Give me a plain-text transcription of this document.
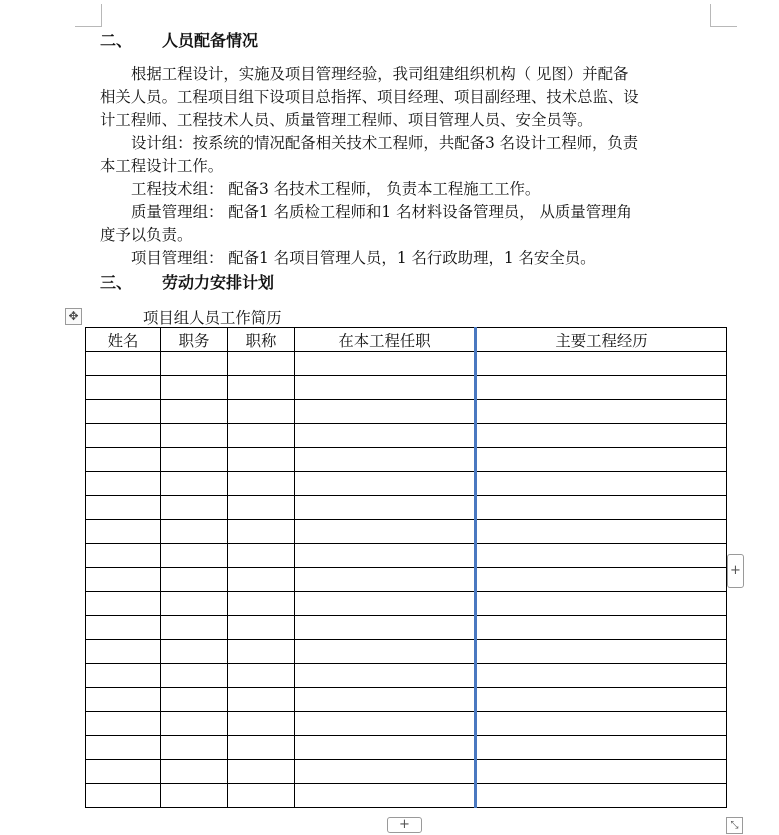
二、 人员配备情况
根据工程设计，实施及项目管理经验，我司组建组织机构（ 见图）并配备
相关人员。工程项目组下设项目总指挥、项目经理、项目副经理、技术总监、设
计工程师、工程技术人员、质量管理工程师、项目管理人员、安全员等。
设计组：按系统的情况配备相关技术工程师，共配备3 名设计工程师，负责
本工程设计工作。
工程技术组： 配备3 名技术工程师， 负责本工程施工工作。
质量管理组： 配备1 名质检工程师和1 名材料设备管理员， 从质量管理角
度予以负责。
项目管理组： 配备1 名项目管理人员，1 名行政助理，1 名安全员。
三、 劳动力安排计划
✥	项目组人员工作简历
姓名	职务	职称	在本工程任职	主要工程经历

+
+	⤡
